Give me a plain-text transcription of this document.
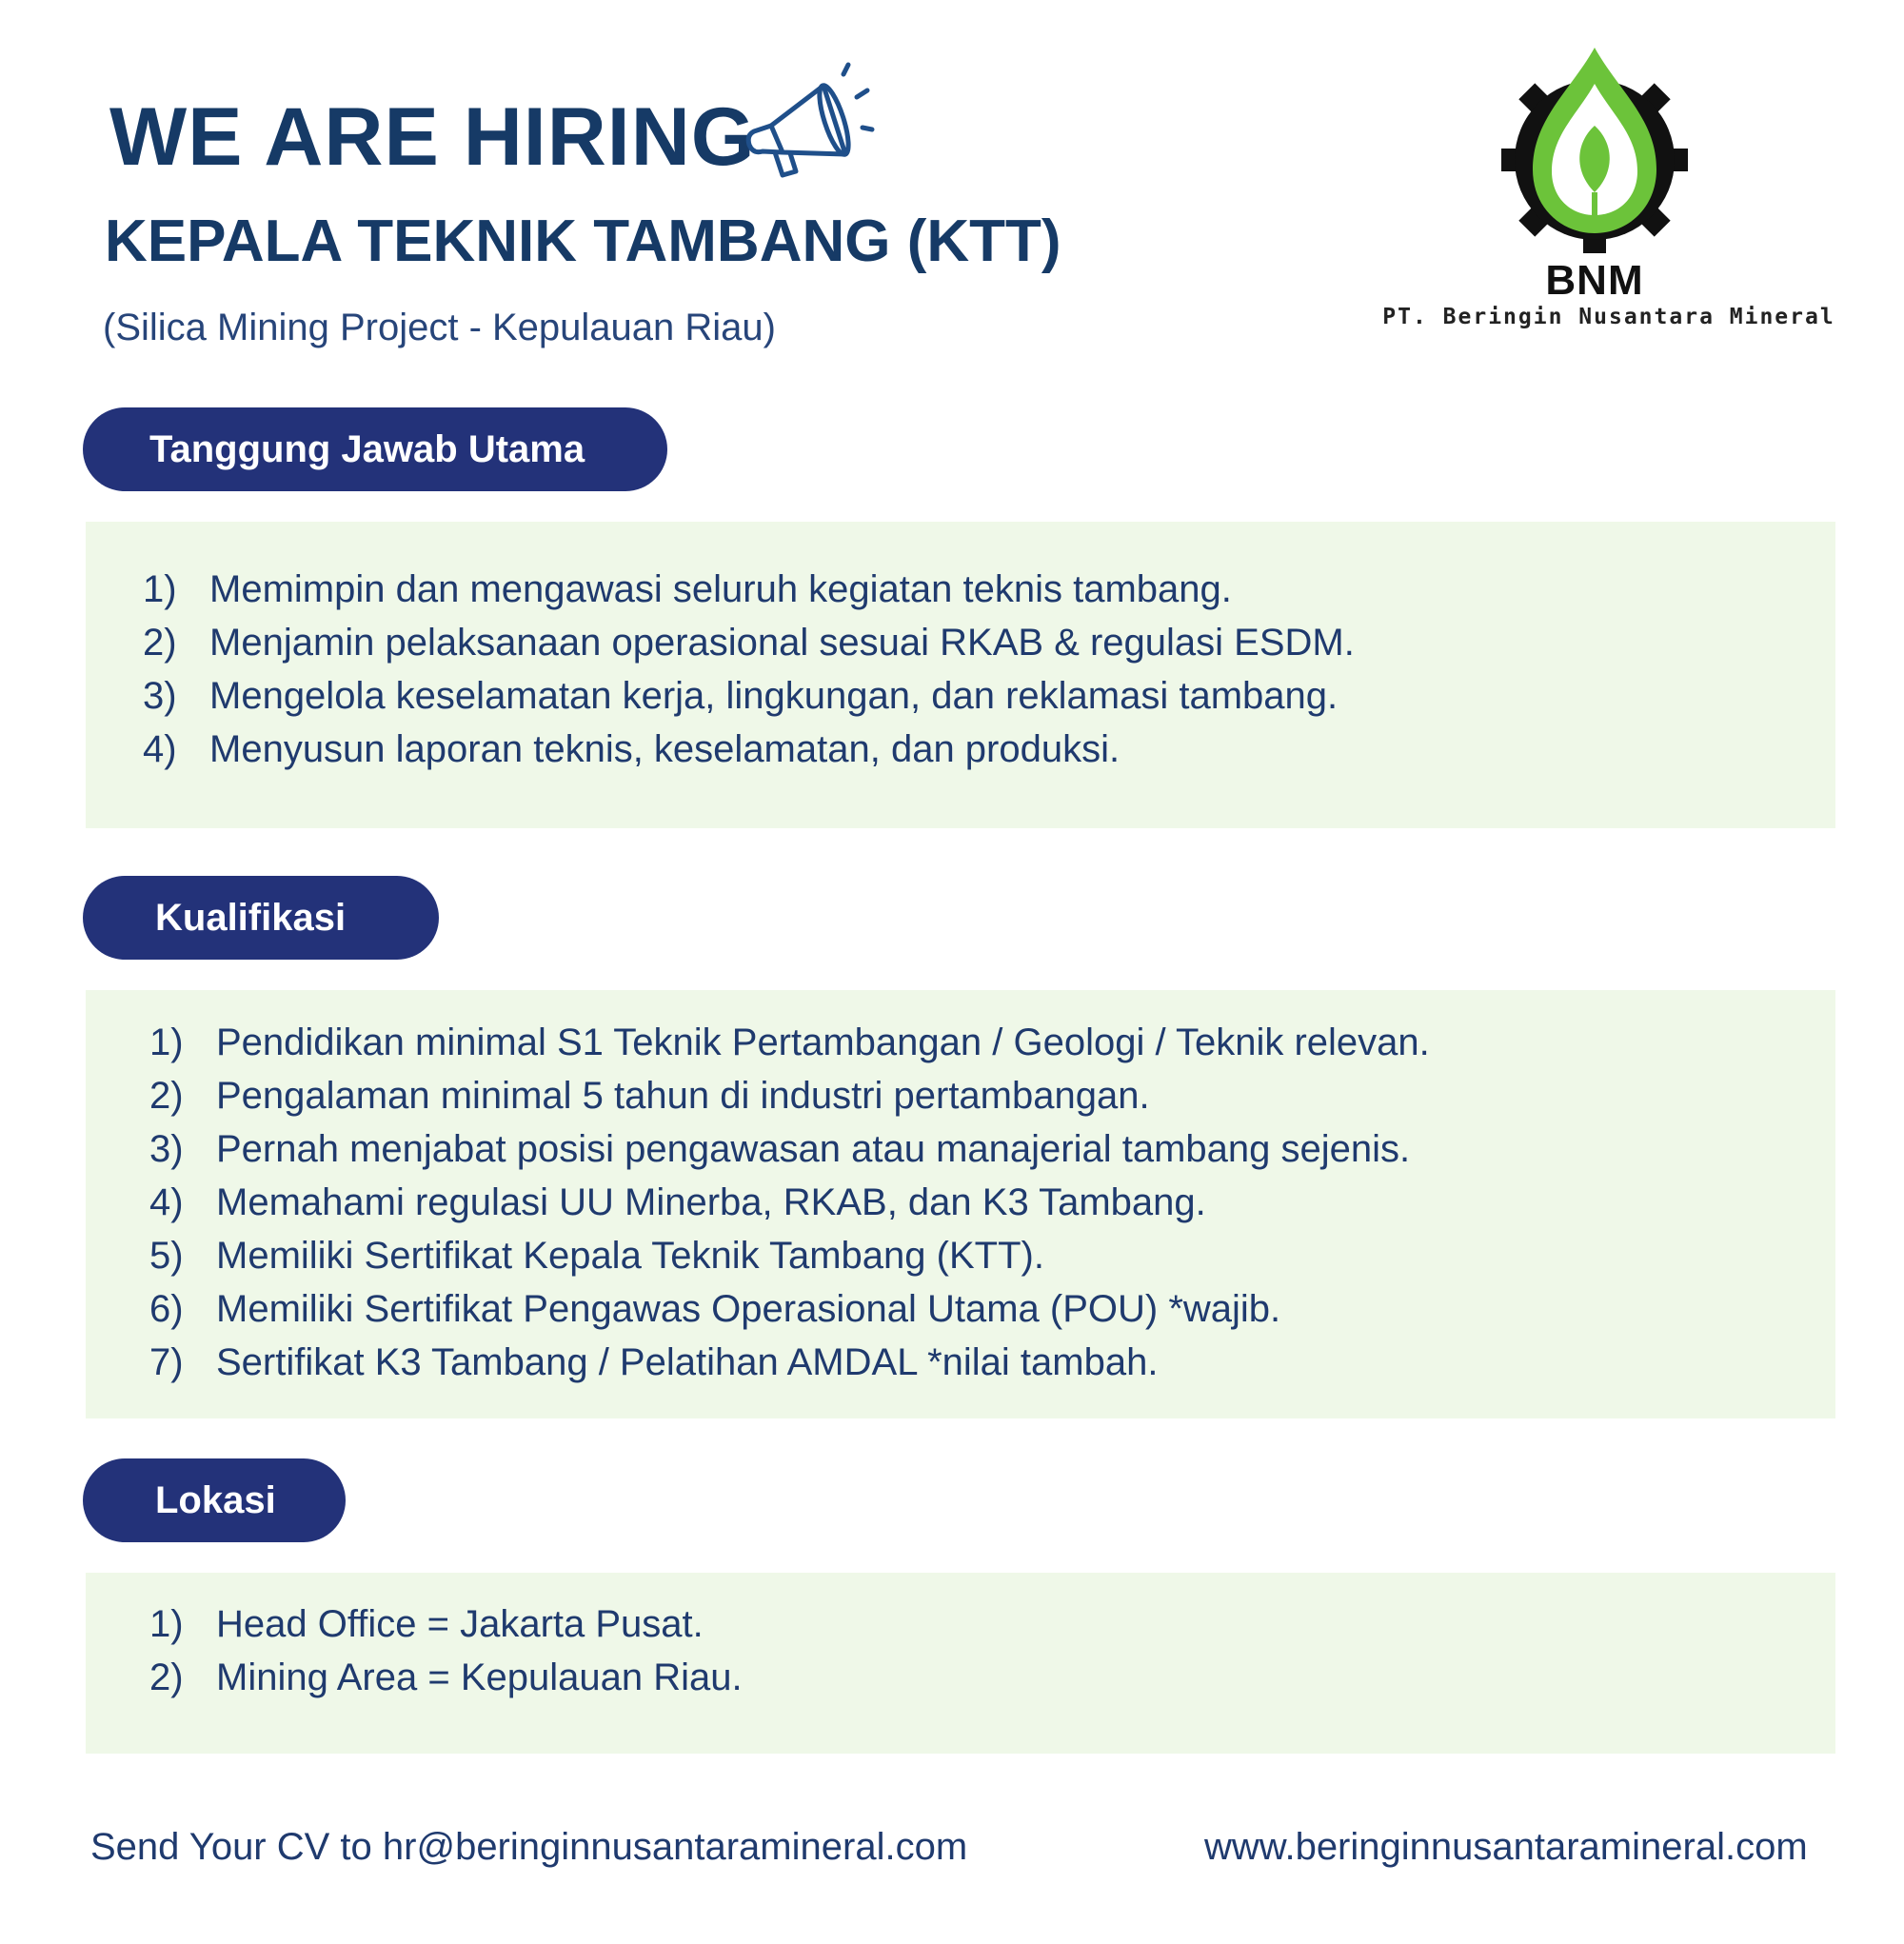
WE ARE HIRING
KEPALA TEKNIK TAMBANG (KTT)
(Silica Mining Project - Kepulauan Riau)
BNM
PT. Beringin Nusantara Mineral
Tanggung Jawab Utama
1) Memimpin dan mengawasi seluruh kegiatan teknis tambang.
2) Menjamin pelaksanaan operasional sesuai RKAB & regulasi ESDM.
3) Mengelola keselamatan kerja, lingkungan, dan reklamasi tambang.
4) Menyusun laporan teknis, keselamatan, dan produksi.
Kualifikasi
1) Pendidikan minimal S1 Teknik Pertambangan / Geologi / Teknik relevan.
2) Pengalaman minimal 5 tahun di industri pertambangan.
3) Pernah menjabat posisi pengawasan atau manajerial tambang sejenis.
4) Memahami regulasi UU Minerba, RKAB, dan K3 Tambang.
5) Memiliki Sertifikat Kepala Teknik Tambang (KTT).
6) Memiliki Sertifikat Pengawas Operasional Utama (POU) *wajib.
7) Sertifikat K3 Tambang / Pelatihan AMDAL *nilai tambah.
Lokasi
1) Head Office = Jakarta Pusat.
2) Mining Area = Kepulauan Riau.
Send Your CV to hr@beringinnusantaramineral.com	www.beringinnusantaramineral.com
